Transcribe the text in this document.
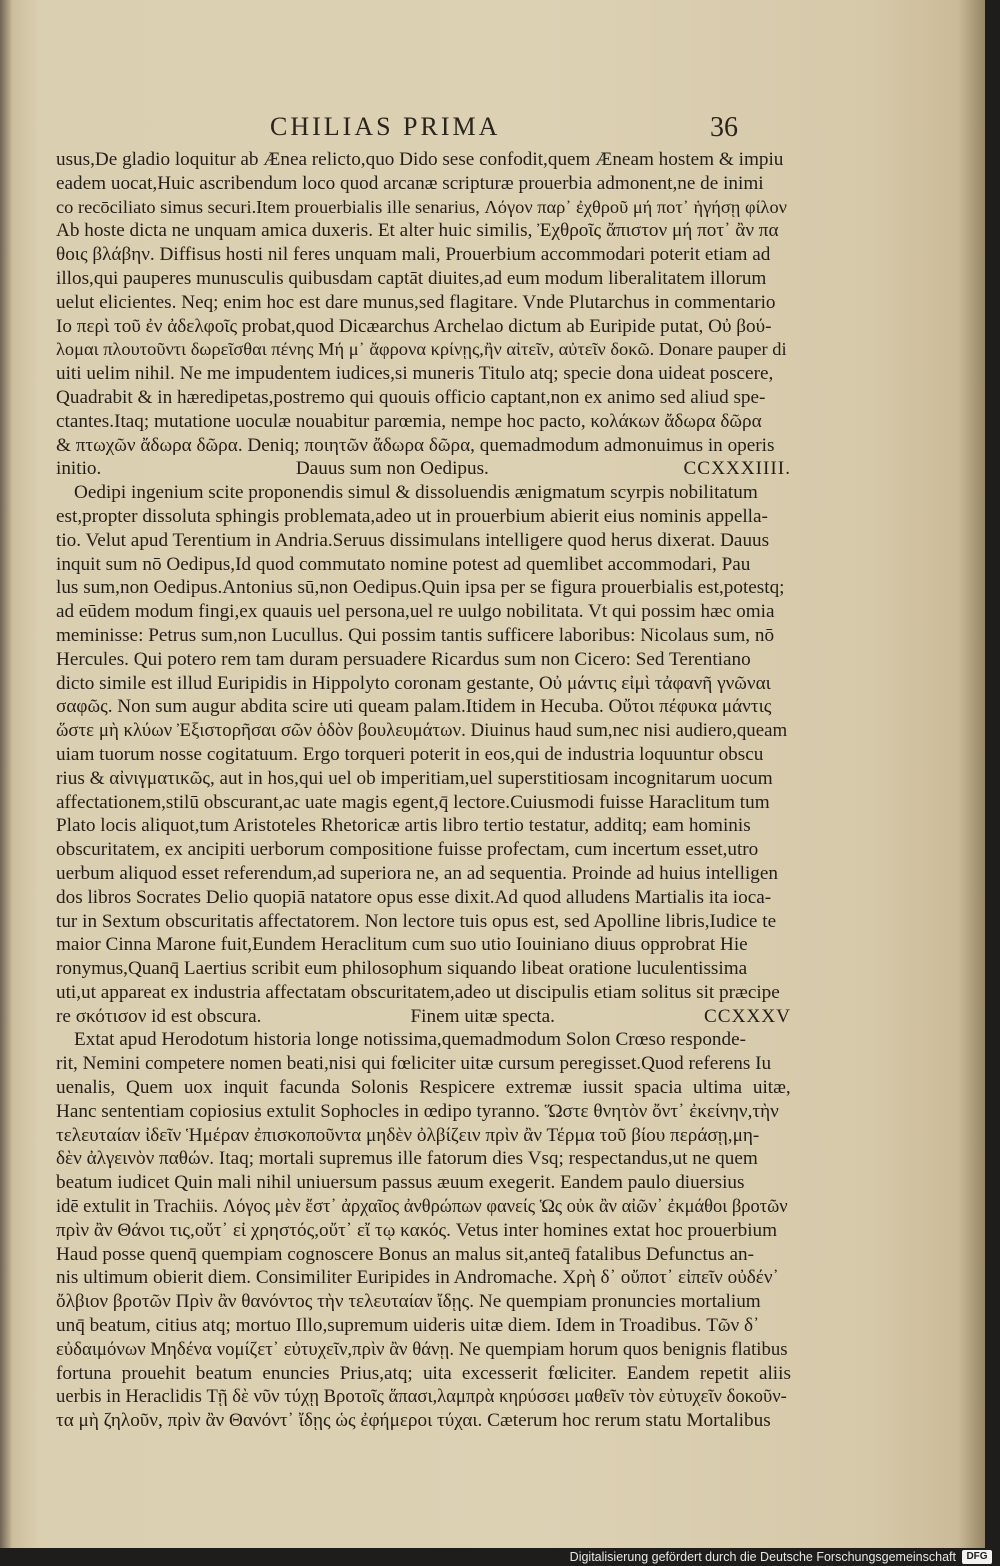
CHILIAS PRIMA	36
usus,De gladio loquitur ab Ænea relicto,quo Dido sese confodit,quem Æneam hostem & impiu
eadem uocat,Huic ascribendum loco quod arcanæ scripturæ prouerbia admonent,ne de inimi
co recōciliato simus securi.Item prouerbialis ille senarius, Λόγον παρ᾽ ἐχθροῦ μή ποτ᾽ ἡγήσῃ φίλον
Ab hoste dicta ne unquam amica duxeris. Et alter huic similis, Ἐχθροῖς ἄπιστον μή ποτ᾽ ἂν πα
θοις βλάβην. Diffisus hosti nil feres unquam mali, Prouerbium accommodari poterit etiam ad
illos,qui pauperes munusculis quibusdam captāt diuites,ad eum modum liberalitatem illorum
uelut elicientes. Neq; enim hoc est dare munus,sed flagitare. Vnde Plutarchus in commentario
Io περὶ τοῦ ἐν ἀδελφοῖς probat,quod Dicæarchus Archelao dictum ab Euripide putat, Οὐ βού-
λομαι πλουτοῦντι δωρεῖσθαι πένης Μή μ᾽ ἄφρονα κρίνῃς,ἢν αἰτεῖν, αὐτεῖν δοκῶ. Donare pauper di
uiti uelim nihil. Ne me impudentem iudices,si muneris Titulo atq; specie dona uideat poscere,
Quadrabit & in hæredipetas,postremo qui quouis officio captant,non ex animo sed aliud spe-
ctantes.Itaq; mutatione uoculæ nouabitur parœmia, nempe hoc pacto, κολάκων ἄδωρα δῶρα
& πτωχῶν ἄδωρα δῶρα. Deniq; ποιητῶν ἄδωρα δῶρα, quemadmodum admonuimus in operis
initio.	Dauus sum non Oedipus.	CCXXXIIII.
Oedipi ingenium scite proponendis simul & dissoluendis ænigmatum scyrpis nobilitatum
est,propter dissoluta sphingis problemata,adeo ut in prouerbium abierit eius nominis appella-
tio. Velut apud Terentium in Andria.Seruus dissimulans intelligere quod herus dixerat. Dauus
inquit sum nō Oedipus,Id quod commutato nomine potest ad quemlibet accommodari, Pau
lus sum,non Oedipus.Antonius sū,non Oedipus.Quin ipsa per se figura prouerbialis est,potestq;
ad eūdem modum fingi,ex quauis uel persona,uel re uulgo nobilitata. Vt qui possim hæc omia
meminisse: Petrus sum,non Lucullus. Qui possim tantis sufficere laboribus: Nicolaus sum, nō
Hercules. Qui potero rem tam duram persuadere Ricardus sum non Cicero: Sed Terentiano
dicto simile est illud Euripidis in Hippolyto coronam gestante, Οὐ μάντις εἰμὶ τἀφανῆ γνῶναι
σαφῶς. Non sum augur abdita scire uti queam palam.Itidem in Hecuba. Οὔτοι πέφυκα μάντις
ὥστε μὴ κλύων Ἐξιστορῆσαι σῶν ὁδὸν βουλευμάτων. Diuinus haud sum,nec nisi audiero,queam
uiam tuorum nosse cogitatuum. Ergo torqueri poterit in eos,qui de industria loquuntur obscu
rius & αἰνιγματικῶς, aut in hos,qui uel ob imperitiam,uel superstitiosam incognitarum uocum
affectationem,stilū obscurant,ac uate magis egent,q̄ lectore.Cuiusmodi fuisse Haraclitum tum
Plato locis aliquot,tum Aristoteles Rhetoricæ artis libro tertio testatur, additq; eam hominis
obscuritatem, ex ancipiti uerborum compositione fuisse profectam, cum incertum esset,utro
uerbum aliquod esset referendum,ad superiora ne, an ad sequentia. Proinde ad huius intelligen
dos libros Socrates Delio quopiā natatore opus esse dixit.Ad quod alludens Martialis ita ioca-
tur in Sextum obscuritatis affectatorem. Non lectore tuis opus est, sed Apolline libris,Iudice te
maior Cinna Marone fuit,Eundem Heraclitum cum suo utio Iouiniano diuus opprobrat Hie
ronymus,Quanq̄ Laertius scribit eum philosophum siquando libeat oratione luculentissima
uti,ut appareat ex industria affectatam obscuritatem,adeo ut discipulis etiam solitus sit præcipe
re σκότισον id est obscura.	Finem uitæ specta.	CCXXXV
Extat apud Herodotum historia longe notissima,quemadmodum Solon Crœso responde-
rit, Nemini competere nomen beati,nisi qui fœliciter uitæ cursum peregisset.Quod referens Iu
uenalis, Quem uox inquit facunda Solonis Respicere extremæ iussit spacia ultima uitæ,
Hanc sententiam copiosius extulit Sophocles in œdipo tyranno. Ὥστε θνητὸν ὄντ᾽ ἐκείνην,τὴν
τελευταίαν ἰδεῖν Ἡμέραν ἐπισκοποῦντα μηδὲν ὀλβίζειν πρὶν ἂν Τέρμα τοῦ βίου περάσῃ,μη-
δὲν ἀλγεινὸν παθών. Itaq; mortali supremus ille fatorum dies Vsq; respectandus,ut ne quem
beatum iudicet Quin mali nihil uniuersum passus æuum exegerit. Eandem paulo diuersius
idē extulit in Trachiis. Λόγος μὲν ἔστ᾽ ἀρχαῖος ἀνθρώπων φανείς Ὡς οὐκ ἂν αἰῶν᾽ ἐκμάθοι βροτῶν
πρὶν ἂν Θάνοι τις,οὔτ᾽ εἰ χρηστός,οὔτ᾽ εἴ τῳ κακός. Vetus inter homines extat hoc prouerbium
Haud posse quenq̄ quempiam cognoscere Bonus an malus sit,anteq̄ fatalibus Defunctus an-
nis ultimum obierit diem. Consimiliter Euripides in Andromache. Χρὴ δ᾽ οὔποτ᾽ εἰπεῖν οὐδέν᾽
ὄλβιον βροτῶν Πρὶν ἂν θανόντος τὴν τελευταίαν ἴδῃς. Ne quempiam pronuncies mortalium
unq̄ beatum, citius atq; mortuo Illo,supremum uideris uitæ diem. Idem in Troadibus. Τῶν δ᾽
εὐδαιμόνων Μηδένα νομίζετ᾽ εὐτυχεῖν,πρὶν ἂν θάνῃ. Ne quempiam horum quos benignis flatibus
fortuna prouehit beatum enuncies Prius,atq; uita excesserit fœliciter. Eandem repetit aliis
uerbis in Heraclidis Τῇ δὲ νῦν τύχῃ Βροτοῖς ἅπασι,λαμπρὰ κηρύσσει μαθεῖν τὸν εὐτυχεῖν δοκοῦν-
τα μὴ ζηλοῦν, πρὶν ἂν Θανόντ᾽ ἴδῃς ὡς ἐφήμεροι τύχαι. Cæterum hoc rerum statu Mortalibus
Digitalisierung gefördert durch die Deutsche Forschungsgemeinschaft	DFG
